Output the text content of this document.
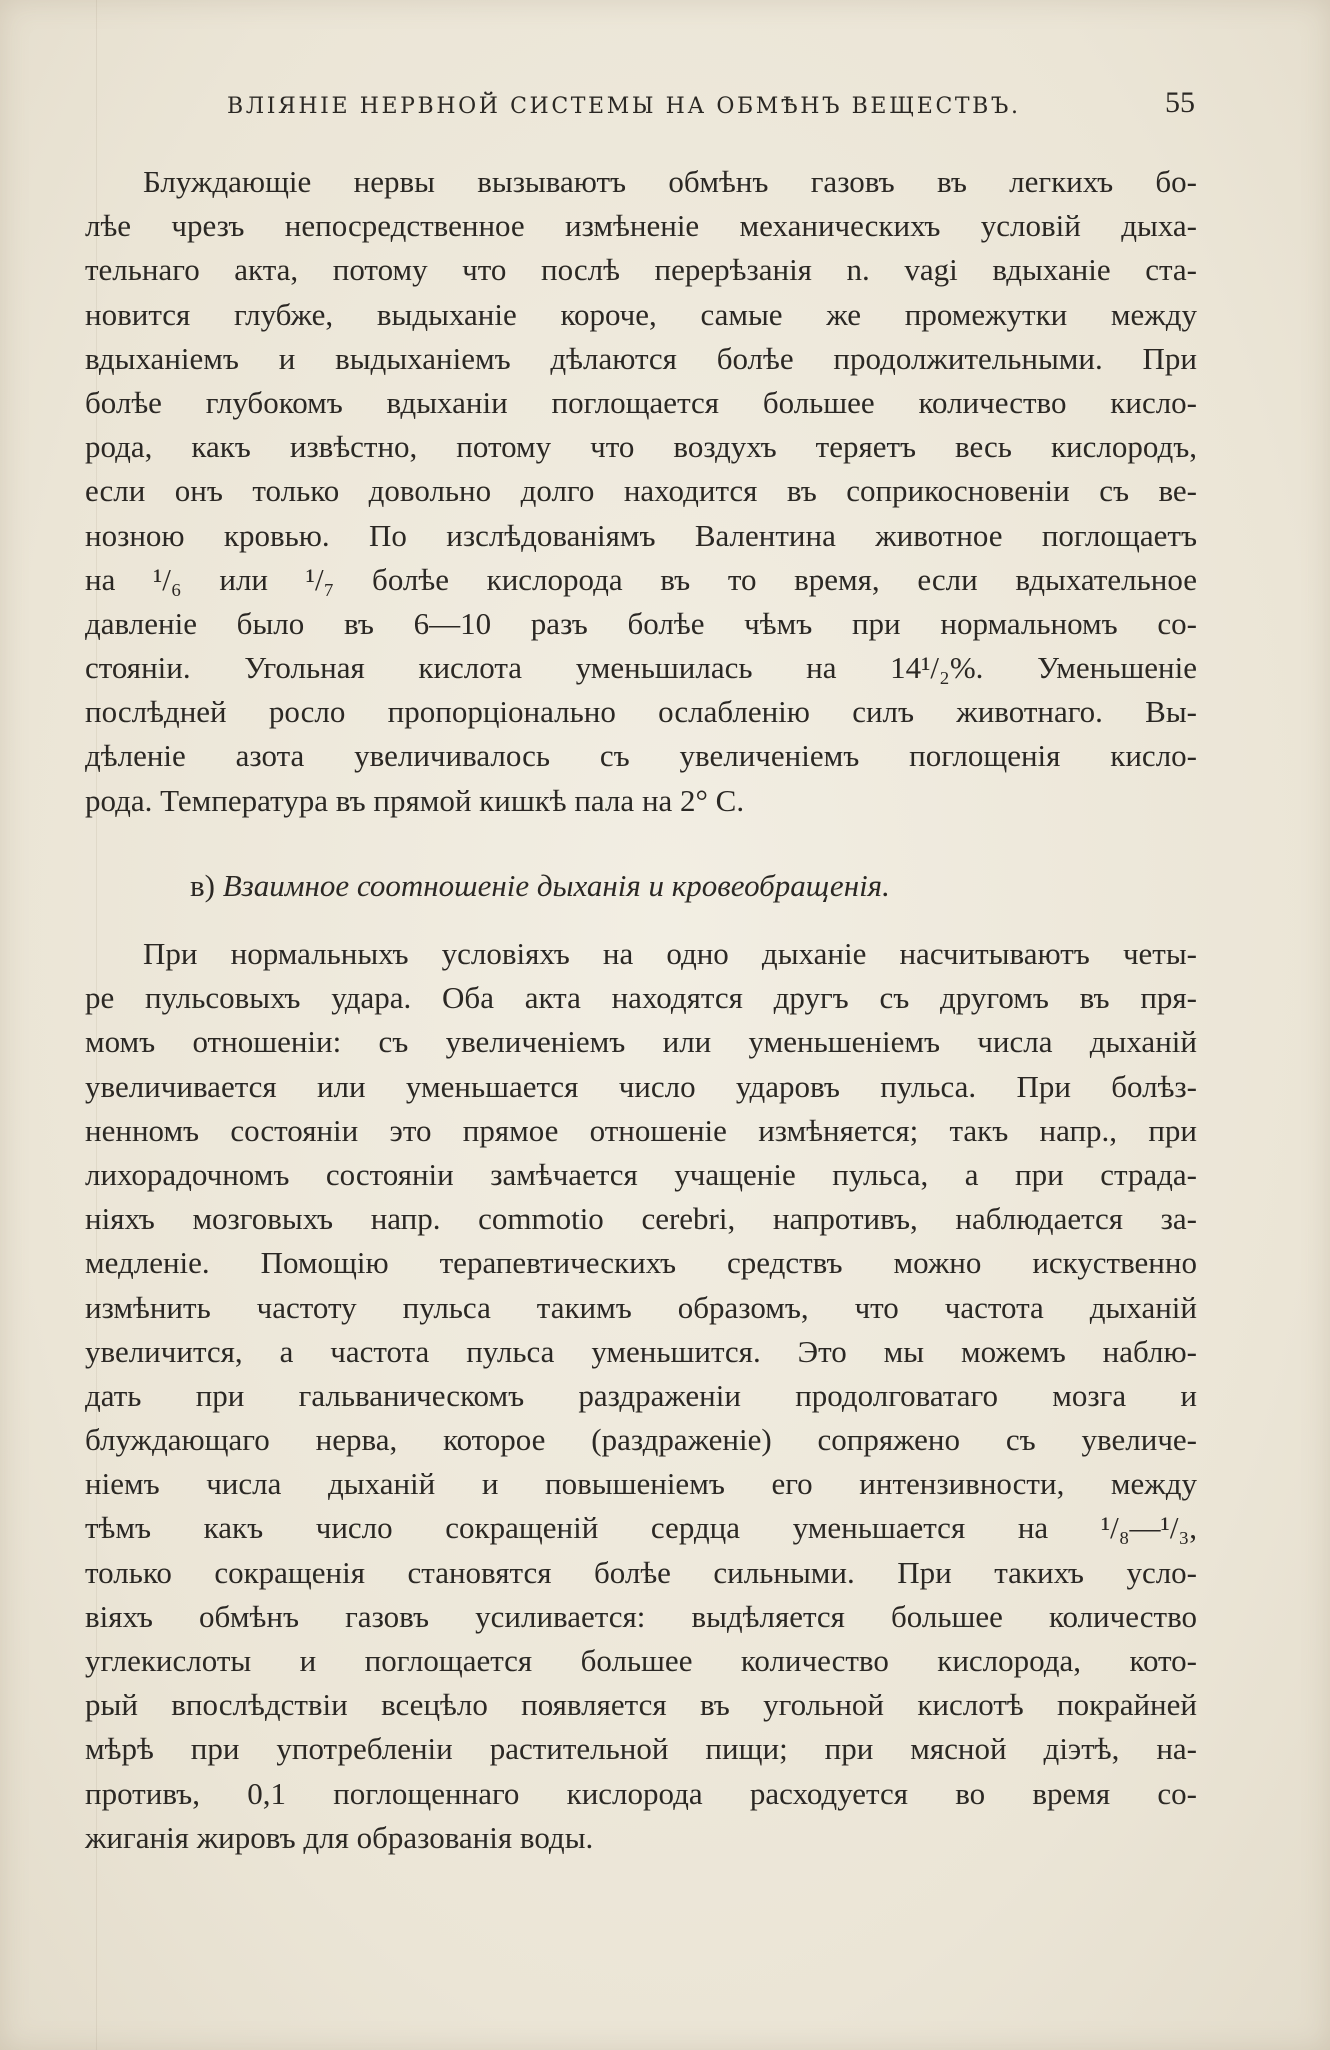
ВЛІЯНІЕ НЕРВНОЙ СИСТЕМЫ НА ОБМѢНЪ ВЕЩЕСТВЪ.	55
Блуждающіе нервы вызываютъ обмѣнъ газовъ въ легкихъ бо-
лѣе чрезъ непосредственное измѣненіе механическихъ условій дыха-
тельнаго акта, потому что послѣ перерѣзанія n. vagi вдыханіе ста-
новится глубже, выдыханіе короче, самые же промежутки между
вдыханіемъ и выдыханіемъ дѣлаются болѣе продолжительными. При
болѣе глубокомъ вдыханіи поглощается большее количество кисло-
рода, какъ извѣстно, потому что воздухъ теряетъ весь кислородъ,
если онъ только довольно долго находится въ соприкосновеніи съ ве-
нозною кровью. По изслѣдованіямъ Валентина животное поглощаетъ
на ¹/₆ или ¹/₇ болѣе кислорода въ то время, если вдыхательное
давленіе было въ 6—10 разъ болѣе чѣмъ при нормальномъ со-
стояніи. Угольная кислота уменьшилась на 14¹/₂%. Уменьшеніе
послѣдней росло пропорціонально ослабленію силъ животнаго. Вы-
дѣленіе азота увеличивалось съ увеличеніемъ поглощенія кисло-
рода. Температура въ прямой кишкѣ пала на 2° С.
в) Взаимное соотношеніе дыханія и кровеобращенія.
При нормальныхъ условіяхъ на одно дыханіе насчитываютъ четы-
ре пульсовыхъ удара. Оба акта находятся другъ съ другомъ въ пря-
момъ отношеніи: съ увеличеніемъ или уменьшеніемъ числа дыханій
увеличивается или уменьшается число ударовъ пульса. При болѣз-
ненномъ состояніи это прямое отношеніе измѣняется; такъ напр., при
лихорадочномъ состояніи замѣчается учащеніе пульса, а при страда-
ніяхъ мозговыхъ напр. commotio cerebri, напротивъ, наблюдается за-
медленіе. Помощію терапевтическихъ средствъ можно искуственно
измѣнить частоту пульса такимъ образомъ, что частота дыханій
увеличится, а частота пульса уменьшится. Это мы можемъ наблю-
дать при гальваническомъ раздраженіи продолговатаго мозга и
блуждающаго нерва, которое (раздраженіе) сопряжено съ увеличе-
ніемъ числа дыханій и повышеніемъ его интензивности, между
тѣмъ какъ число сокращеній сердца уменьшается на ¹/₈—¹/₃,
только сокращенія становятся болѣе сильными. При такихъ усло-
віяхъ обмѣнъ газовъ усиливается: выдѣляется большее количество
углекислоты и поглощается большее количество кислорода, кото-
рый впослѣдствіи всецѣло появляется въ угольной кислотѣ покрайней
мѣрѣ при употребленіи растительной пищи; при мясной діэтѣ, на-
противъ, 0,1 поглощеннаго кислорода расходуется во время со-
жиганія жировъ для образованія воды.
